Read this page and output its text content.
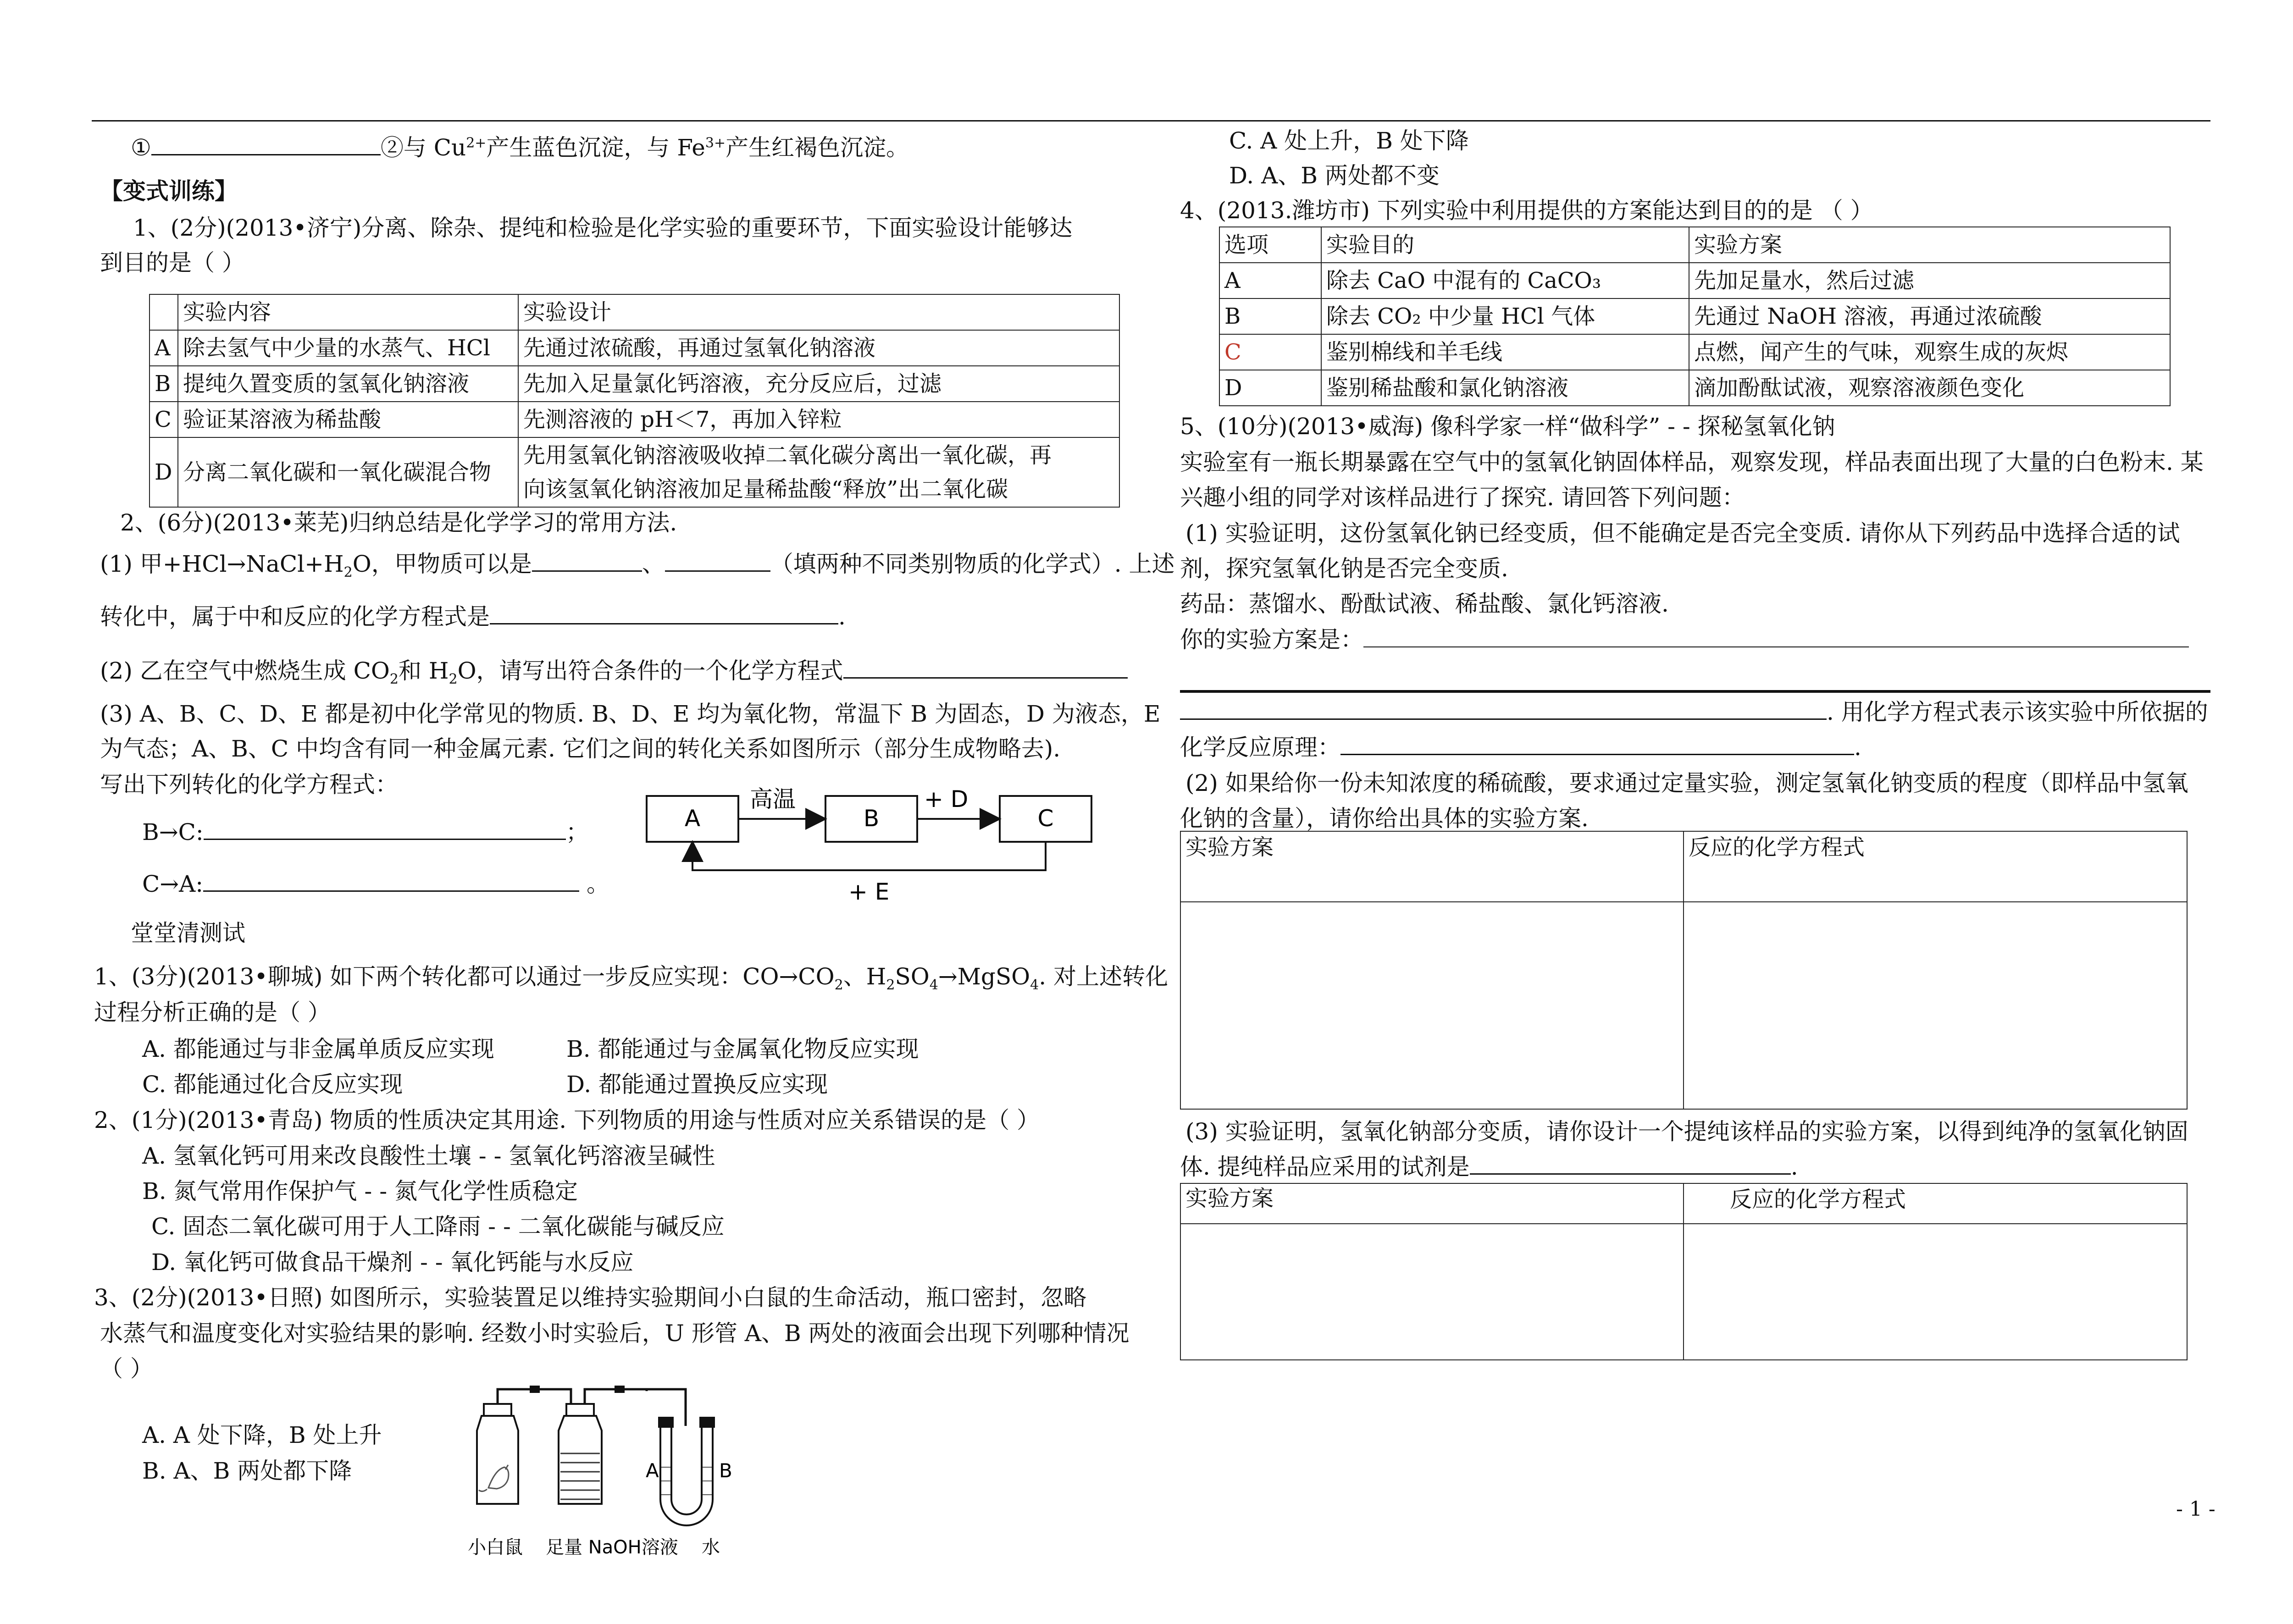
①	②与 $Cu^{2+}$产生蓝色沉淀，与 $Fe^{3+}$产生红褐色沉淀。
【变式训练】
1、(2分)(2013•济宁)分离、除杂、提纯和检验是化学实验的重要环节，下面实验设计能够达
到目的是（ ）
	实验内容	实验设计
A	除去氢气中少量的水蒸气、HCl	先通过浓硫酸，再通过氢氧化钠溶液
B	提纯久置变质的氢氧化钠溶液	先加入足量氯化钙溶液，充分反应后，过滤
C	验证某溶液为稀盐酸	先测溶液的 pH＜7，再加入锌粒
D	分离二氧化碳和一氧化碳混合物	先用氢氧化钠溶液吸收掉二氧化碳分离出一氧化碳，再
向该氢氧化钠溶液加足量稀盐酸“释放”出二氧化碳
2、(6分)(2013•莱芜)归纳总结是化学学习的常用方法.
(1) 甲$+HCl\to NaCl+H_2O$，甲物质可以是	、	（填两种不同类别物质的化学式）. 上述
转化中，属于中和反应的化学方程式是	.
(2) 乙在空气中燃烧生成 $CO_2$和 $H_2O$，请写出符合条件的一个化学方程式
(3) A、B、C、D、E 都是初中化学常见的物质. B、D、E 均为氧化物，常温下 B 为固态，D 为液态，E
为气态；A、B、C 中均含有同一种金属元素. 它们之间的转化关系如图所示（部分生成物略去).
写出下列转化的化学方程式：
B→C:	；
C→A:	。
A	B	C
高温	+ D
+ E
堂堂清测试
1、(3分)(2013•聊城) 如下两个转化都可以通过一步反应实现：$CO\to CO_2$、$H_2SO_4\to MgSO_4$. 对上述转化
过程分析正确的是（ ）
A. 都能通过与非金属单质反应实现	B. 都能通过与金属氧化物反应实现
C. 都能通过化合反应实现	D. 都能通过置换反应实现
2、(1分)(2013•青岛) 物质的性质决定其用途. 下列物质的用途与性质对应关系错误的是（ ）
A. 氢氧化钙可用来改良酸性土壤 - - 氢氧化钙溶液呈碱性
B. 氮气常用作保护气 - - 氮气化学性质稳定
C. 固态二氧化碳可用于人工降雨 - - 二氧化碳能与碱反应
D. 氧化钙可做食品干燥剂 - - 氧化钙能与水反应
3、(2分)(2013•日照) 如图所示，实验装置足以维持实验期间小白鼠的生命活动，瓶口密封，忽略
水蒸气和温度变化对实验结果的影响. 经数小时实验后，U 形管 A、B 两处的液面会出现下列哪种情况
（ ）
A. A 处下降，B 处上升
B. A、B 两处都下降	A	B
小白鼠 足量 NaOH溶液 水
C. A 处上升，B 处下降
D. A、B 两处都不变
4、(2013.潍坊市) 下列实验中利用提供的方案能达到目的的是 （ ）
选项	实验目的	实验方案
A	除去 CaO 中混有的 CaCO₃	先加足量水，然后过滤
B	除去 CO₂ 中少量 HCl 气体	先通过 NaOH 溶液，再通过浓硫酸
C	鉴别棉线和羊毛线	点燃，闻产生的气味，观察生成的灰烬
D	鉴别稀盐酸和氯化钠溶液	滴加酚酞试液，观察溶液颜色变化
5、(10分)(2013•威海) 像科学家一样“做科学” - - 探秘氢氧化钠
实验室有一瓶长期暴露在空气中的氢氧化钠固体样品，观察发现，样品表面出现了大量的白色粉末. 某
兴趣小组的同学对该样品进行了探究. 请回答下列问题：
(1) 实验证明，这份氢氧化钠已经变质，但不能确定是否完全变质. 请你从下列药品中选择合适的试
剂，探究氢氧化钠是否完全变质.
药品：蒸馏水、酚酞试液、稀盐酸、氯化钙溶液.
你的实验方案是：
. 用化学方程式表示该实验中所依据的
化学反应原理：	.
(2) 如果给你一份未知浓度的稀硫酸，要求通过定量实验，测定氢氧化钠变质的程度（即样品中氢氧
化钠的含量），请你给出具体的实验方案.
实验方案	反应的化学方程式

(3) 实验证明，氢氧化钠部分变质，请你设计一个提纯该样品的实验方案，以得到纯净的氢氧化钠固
体. 提纯样品应采用的试剂是	.
实验方案	反应的化学方程式

- 1 -
